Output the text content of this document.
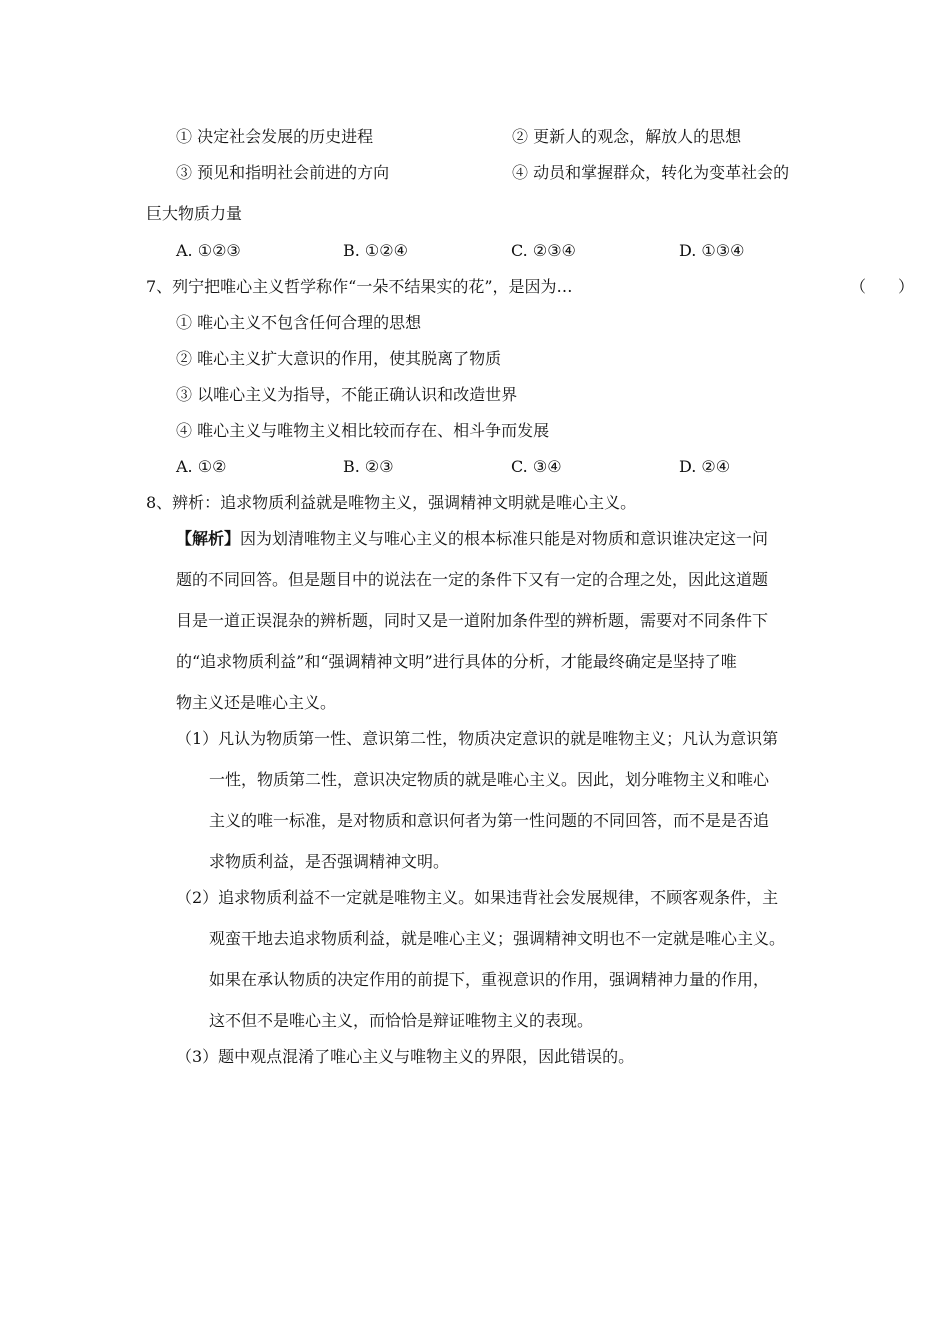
① 决定社会发展的历史进程	② 更新人的观念，解放人的思想
③ 预见和指明社会前进的方向	④ 动员和掌握群众，转化为变革社会的
巨大物质力量
A. ①②③	B. ①②④	C. ②③④	D. ①③④
7、列宁把唯心主义哲学称作“一朵不结果实的花”，是因为…	（　　）
① 唯心主义不包含任何合理的思想
② 唯心主义扩大意识的作用，使其脱离了物质
③ 以唯心主义为指导，不能正确认识和改造世界
④ 唯心主义与唯物主义相比较而存在、相斗争而发展
A. ①②	B. ②③	C. ③④	D. ②④
8、辨析：追求物质利益就是唯物主义，强调精神文明就是唯心主义。
【解析】因为划清唯物主义与唯心主义的根本标准只能是对物质和意识谁决定这一问
题的不同回答。但是题目中的说法在一定的条件下又有一定的合理之处，因此这道题
目是一道正误混杂的辨析题，同时又是一道附加条件型的辨析题，需要对不同条件下
的“追求物质利益”和“强调精神文明”进行具体的分析，才能最终确定是坚持了唯
物主义还是唯心主义。
（1）凡认为物质第一性、意识第二性，物质决定意识的就是唯物主义；凡认为意识第
一性，物质第二性，意识决定物质的就是唯心主义。因此，划分唯物主义和唯心
主义的唯一标准，是对物质和意识何者为第一性问题的不同回答，而不是是否追
求物质利益，是否强调精神文明。
（2）追求物质利益不一定就是唯物主义。如果违背社会发展规律，不顾客观条件，主
观蛮干地去追求物质利益，就是唯心主义；强调精神文明也不一定就是唯心主义。
如果在承认物质的决定作用的前提下，重视意识的作用，强调精神力量的作用，
这不但不是唯心主义，而恰恰是辩证唯物主义的表现。
（3）题中观点混淆了唯心主义与唯物主义的界限，因此错误的。
